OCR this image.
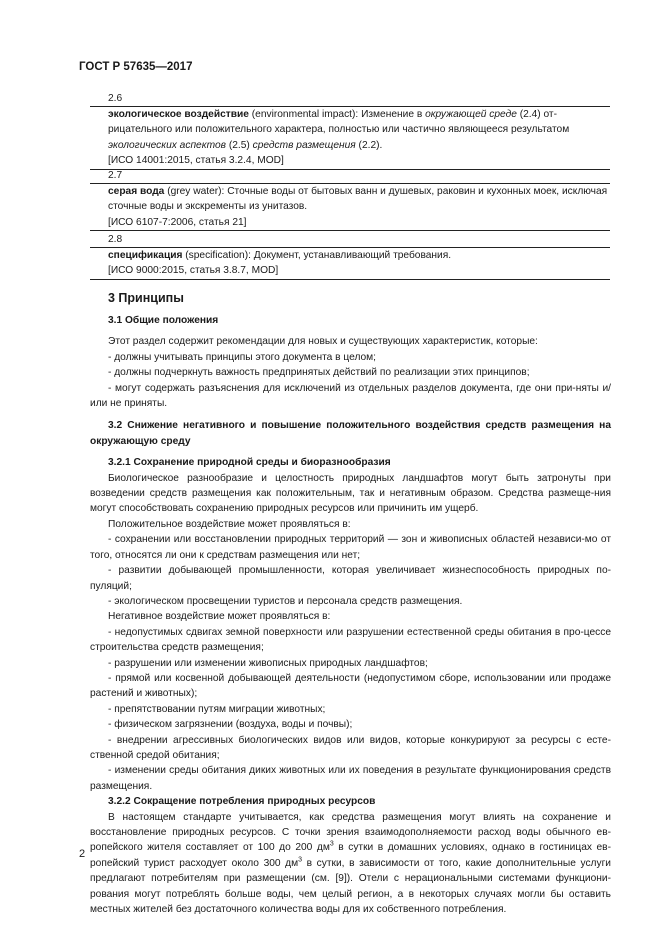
ГОСТ Р 57635—2017
2.6

экологическое воздействие (environmental impact): Изменение в окружающей среде (2.4) от-рицательного или положительного характера, полностью или частично являющееся результатом экологических аспектов (2.5) средств размещения (2.2).

[ИСО 14001:2015, статья 3.2.4, MOD]

2.7

серая вода (grey water): Сточные воды от бытовых ванн и душевых, раковин и кухонных моек, исключая сточные воды и экскременты из унитазов.

[ИСО 6107-7:2006, статья 21]

2.8

спецификация (specification): Документ, устанавливающий требования.

[ИСО 9000:2015, статья 3.8.7, MOD]

3 Принципы

3.1 Общие положения

Этот раздел содержит рекомендации для новых и существующих характеристик, которые:

- должны учитывать принципы этого документа в целом;

- должны подчеркнуть важность предпринятых действий по реализации этих принципов;

- могут содержать разъяснения для исключений из отдельных разделов документа, где они при-няты и/или не приняты.

3.2 Снижение негативного и повышение положительного воздействия средств размещения на окружающую среду

3.2.1 Сохранение природной среды и биоразнообразия

Биологическое разнообразие и целостность природных ландшафтов могут быть затронуты при возведении средств размещения как положительным, так и негативным образом. Средства размеще-ния могут способствовать сохранению природных ресурсов или причинить им ущерб.

Положительное воздействие может проявляться в:

- сохранении или восстановлении природных территорий — зон и живописных областей независи-мо от того, относятся ли они к средствам размещения или нет;

- развитии добывающей промышленности, которая увеличивает жизнеспособность природных по-пуляций;

- экологическом просвещении туристов и персонала средств размещения.

Негативное воздействие может проявляться в:

- недопустимых сдвигах земной поверхности или разрушении естественной среды обитания в про-цессе строительства средств размещения;

- разрушении или изменении живописных природных ландшафтов;

- прямой или косвенной добывающей деятельности (недопустимом сборе, использовании или продаже растений и животных);

- препятствовании путям миграции животных;

- физическом загрязнении (воздуха, воды и почвы);

- внедрении агрессивных биологических видов или видов, которые конкурируют за ресурсы с есте-ственной средой обитания;

- изменении среды обитания диких животных или их поведения в результате функционирования средств размещения.

3.2.2 Сокращение потребления природных ресурсов

В настоящем стандарте учитывается, как средства размещения могут влиять на сохранение и восстановление природных ресурсов. С точки зрения взаимодополняемости расход воды обычного ев-ропейского жителя составляет от 100 до 200 $дм^3$ в сутки в домашних условиях, однако в гостиницах ев-ропейский турист расходует около 300 $дм^3$ в сутки, в зависимости от того, какие дополнительные услуги предлагают потребителям при размещении (см. [9]). Отели с нерациональными системами функциони-рования могут потреблять больше воды, чем целый регион, а в некоторых случаях могли бы оставить местных жителей без достаточного количества воды для их собственного потребления.

2
